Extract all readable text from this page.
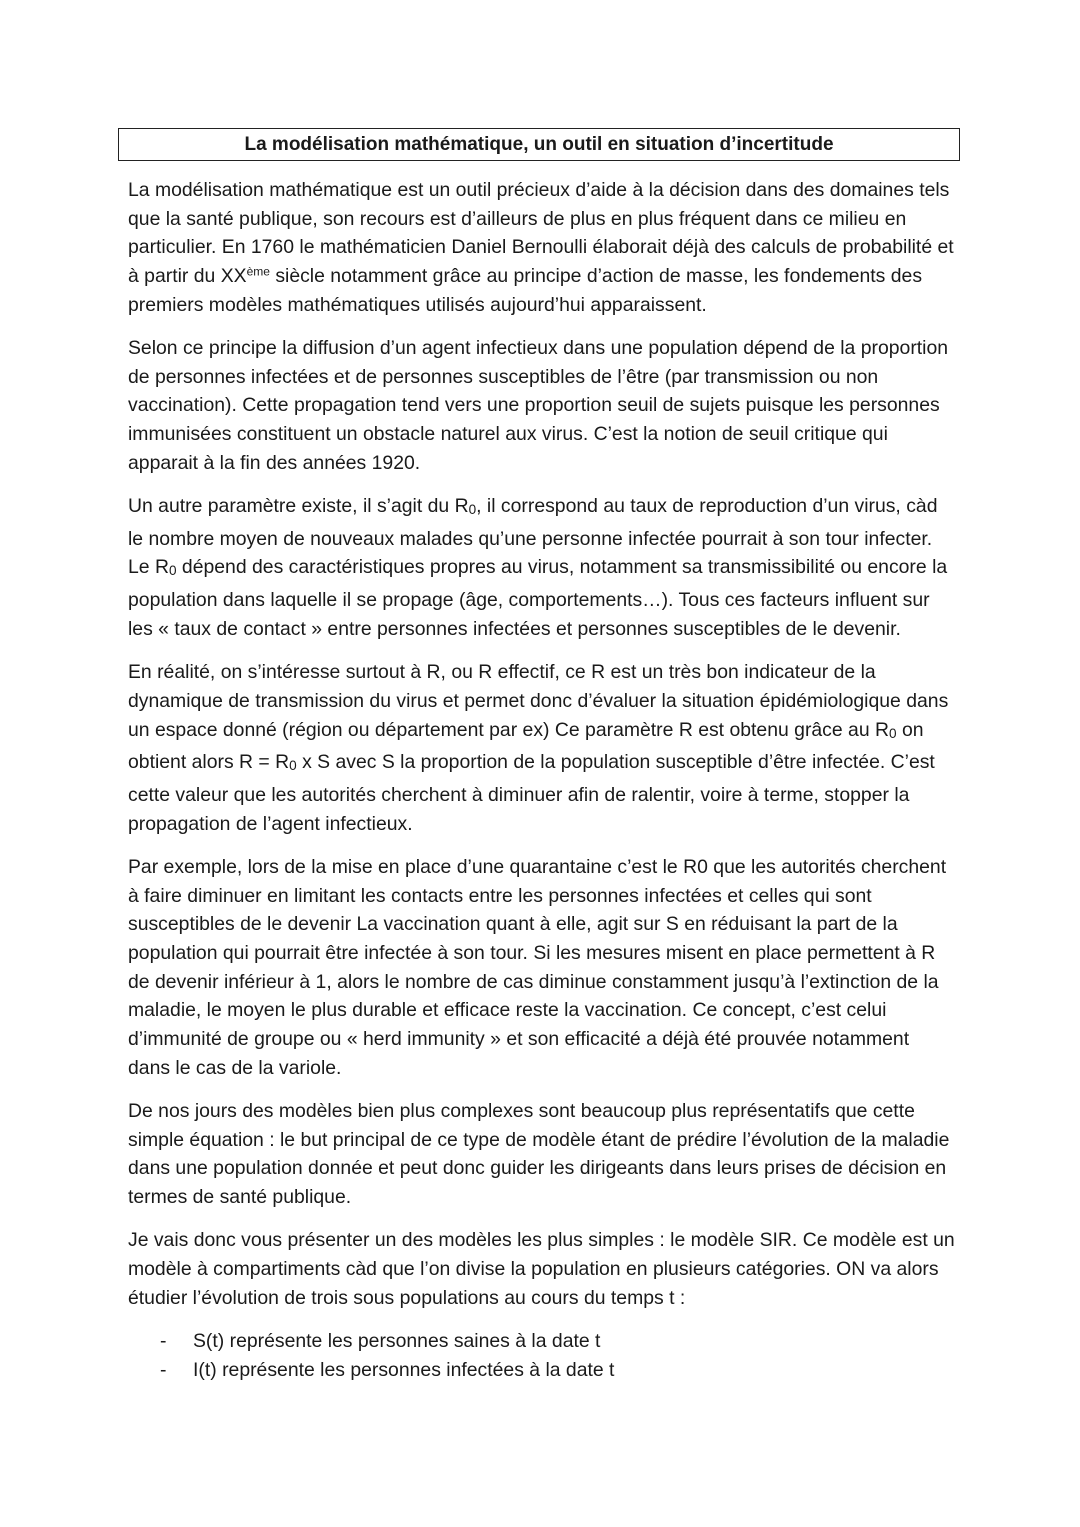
La modélisation mathématique, un outil en situation d’incertitude

La modélisation mathématique est un outil précieux d’aide à la décision dans des domaines tels que la santé publique, son recours est d’ailleurs de plus en plus fréquent dans ce milieu en particulier. En 1760 le mathématicien Daniel Bernoulli élaborait déjà des calculs de probabilité et à partir du XXème siècle notamment grâce au principe d’action de masse, les fondements des premiers modèles mathématiques utilisés aujourd’hui apparaissent.

Selon ce principe la diffusion d’un agent infectieux dans une population dépend de la proportion de personnes infectées et de personnes susceptibles de l’être (par transmission ou non vaccination). Cette propagation tend vers une proportion seuil de sujets puisque les personnes immunisées constituent un obstacle naturel aux virus. C’est la notion de seuil critique qui apparait à la fin des années 1920.

Un autre paramètre existe, il s’agit du $R_0$, il correspond au taux de reproduction d’un virus, càd le nombre moyen de nouveaux malades qu’une personne infectée pourrait à son tour infecter. Le $R_0$ dépend des caractéristiques propres au virus, notamment sa transmissibilité ou encore la population dans laquelle il se propage (âge, comportements…). Tous ces facteurs influent sur les « taux de contact » entre personnes infectées et personnes susceptibles de le devenir.

En réalité, on s’intéresse surtout à R, ou R effectif, ce R est un très bon indicateur de la dynamique de transmission du virus et permet donc d’évaluer la situation épidémiologique dans un espace donné (région ou département par ex) Ce paramètre R est obtenu grâce au $R_0$ on obtient alors $R = R_0$ x S avec S la proportion de la population susceptible d’être infectée. C’est cette valeur que les autorités cherchent à diminuer afin de ralentir, voire à terme, stopper la propagation de l’agent infectieux.

Par exemple, lors de la mise en place d’une quarantaine c’est le R0 que les autorités cherchent à faire diminuer en limitant les contacts entre les personnes infectées et celles qui sont susceptibles de le devenir La vaccination quant à elle, agit sur S en réduisant la part de la population qui pourrait être infectée à son tour. Si les mesures misent en place permettent à R de devenir inférieur à 1, alors le nombre de cas diminue constamment jusqu’à l’extinction de la maladie, le moyen le plus durable et efficace reste la vaccination. Ce concept, c’est celui d’immunité de groupe ou « herd immunity » et son efficacité a déjà été prouvée notamment dans le cas de la variole.

De nos jours des modèles bien plus complexes sont beaucoup plus représentatifs que cette simple équation : le but principal de ce type de modèle étant de prédire l’évolution de la maladie dans une population donnée et peut donc guider les dirigeants dans leurs prises de décision en termes de santé publique.

Je vais donc vous présenter un des modèles les plus simples : le modèle SIR. Ce modèle est un modèle à compartiments càd que l’on divise la population en plusieurs catégories. ON va alors étudier l’évolution de trois sous populations au cours du temps t :

- S(t) représente les personnes saines à la date t
- I(t) représente les personnes infectées à la date t
